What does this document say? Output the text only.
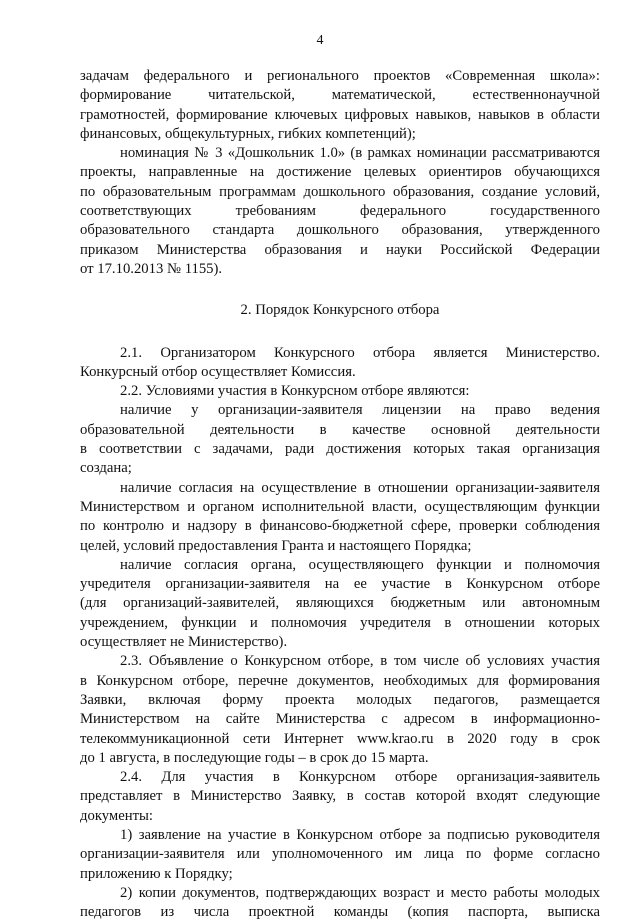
4

задачам федерального и регионального проектов «Современная школа»:

формирование читательской, математической, естественнонаучной

грамотностей, формирование ключевых цифровых навыков, навыков в области

финансовых, общекультурных, гибких компетенций);

номинация № 3 «Дошкольник 1.0» (в рамках номинации рассматриваются

проекты, направленные на достижение целевых ориентиров обучающихся

по образовательным программам дошкольного образования, создание условий,

соответствующих требованиям федерального государственного

образовательного стандарта дошкольного образования, утвержденного

приказом Министерства образования и науки Российской Федерации

от 17.10.2013 № 1155).

2. Порядок Конкурсного отбора

2.1. Организатором Конкурсного отбора является Министерство.

Конкурсный отбор осуществляет Комиссия.

2.2. Условиями участия в Конкурсном отборе являются:

наличие у организации-заявителя лицензии на право ведения

образовательной деятельности в качестве основной деятельности

в соответствии с задачами, ради достижения которых такая организация

создана;

наличие согласия на осуществление в отношении организации-заявителя

Министерством и органом исполнительной власти, осуществляющим функции

по контролю и надзору в финансово-бюджетной сфере, проверки соблюдения

целей, условий предоставления Гранта и настоящего Порядка;

наличие согласия органа, осуществляющего функции и полномочия

учредителя организации-заявителя на ее участие в Конкурсном отборе

(для организаций-заявителей, являющихся бюджетным или автономным

учреждением, функции и полномочия учредителя в отношении которых

осуществляет не Министерство).

2.3. Объявление о Конкурсном отборе, в том числе об условиях участия

в Конкурсном отборе, перечне документов, необходимых для формирования

Заявки, включая форму проекта молодых педагогов, размещается

Министерством на сайте Министерства с адресом в информационно-

телекоммуникационной сети Интернет www.krao.ru в 2020 году в срок

до 1 августа, в последующие годы – в срок до 15 марта.

2.4. Для участия в Конкурсном отборе организация-заявитель

представляет в Министерство Заявку, в состав которой входят следующие

документы:

1) заявление на участие в Конкурсном отборе за подписью руководителя

организации-заявителя или уполномоченного им лица по форме согласно

приложению к Порядку;

2) копии документов, подтверждающих возраст и место работы молодых

педагогов из числа проектной команды (копия паспорта, выписка
